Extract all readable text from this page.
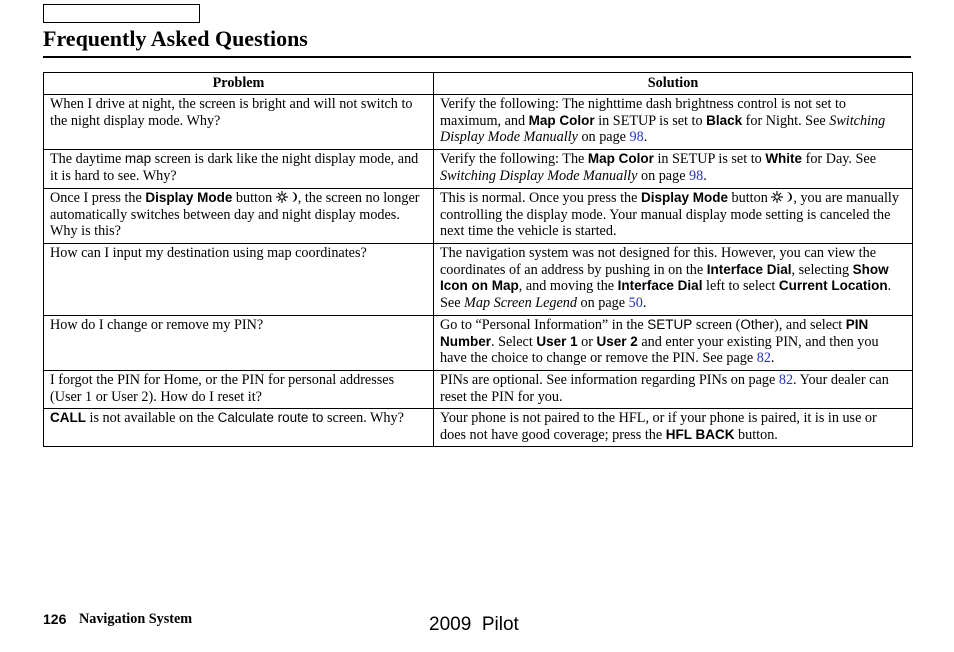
Frequently Asked Questions
Problem	Solution
When I drive at night, the screen is bright and will not switch to the night display mode. Why?	Verify the following: The nighttime dash brightness control is not set to maximum, and Map Color in SETUP is set to Black for Night. See Switching Display Mode Manually on page 98.
The daytime map screen is dark like the night display mode, and it is hard to see. Why?	Verify the following: The Map Color in SETUP is set to White for Day. See Switching Display Mode Manually on page 98.
Once I press the Display Mode button , the screen no longer automatically switches between day and night display modes. Why is this?	This is normal. Once you press the Display Mode button , you are manually controlling the display mode. Your manual display mode setting is canceled the next time the vehicle is started.
How can I input my destination using map coordinates?	The navigation system was not designed for this. However, you can view the coordinates of an address by pushing in on the Interface Dial, selecting Show Icon on Map, and moving the Interface Dial left to select Current Location. See Map Screen Legend on page 50.
How do I change or remove my PIN?	Go to “Personal Information” in the SETUP screen (Other), and select PIN Number. Select User 1 or User 2 and enter your existing PIN, and then you have the choice to change or remove the PIN. See page 82.
I forgot the PIN for Home, or the PIN for personal addresses (User 1 or User 2). How do I reset it?	PINs are optional. See information regarding PINs on page 82. Your dealer can reset the PIN for you.
CALL is not available on the Calculate route to screen. Why?	Your phone is not paired to the HFL, or if your phone is paired, it is in use or does not have good coverage; press the HFL BACK button.
126 Navigation System	2009  Pilot
